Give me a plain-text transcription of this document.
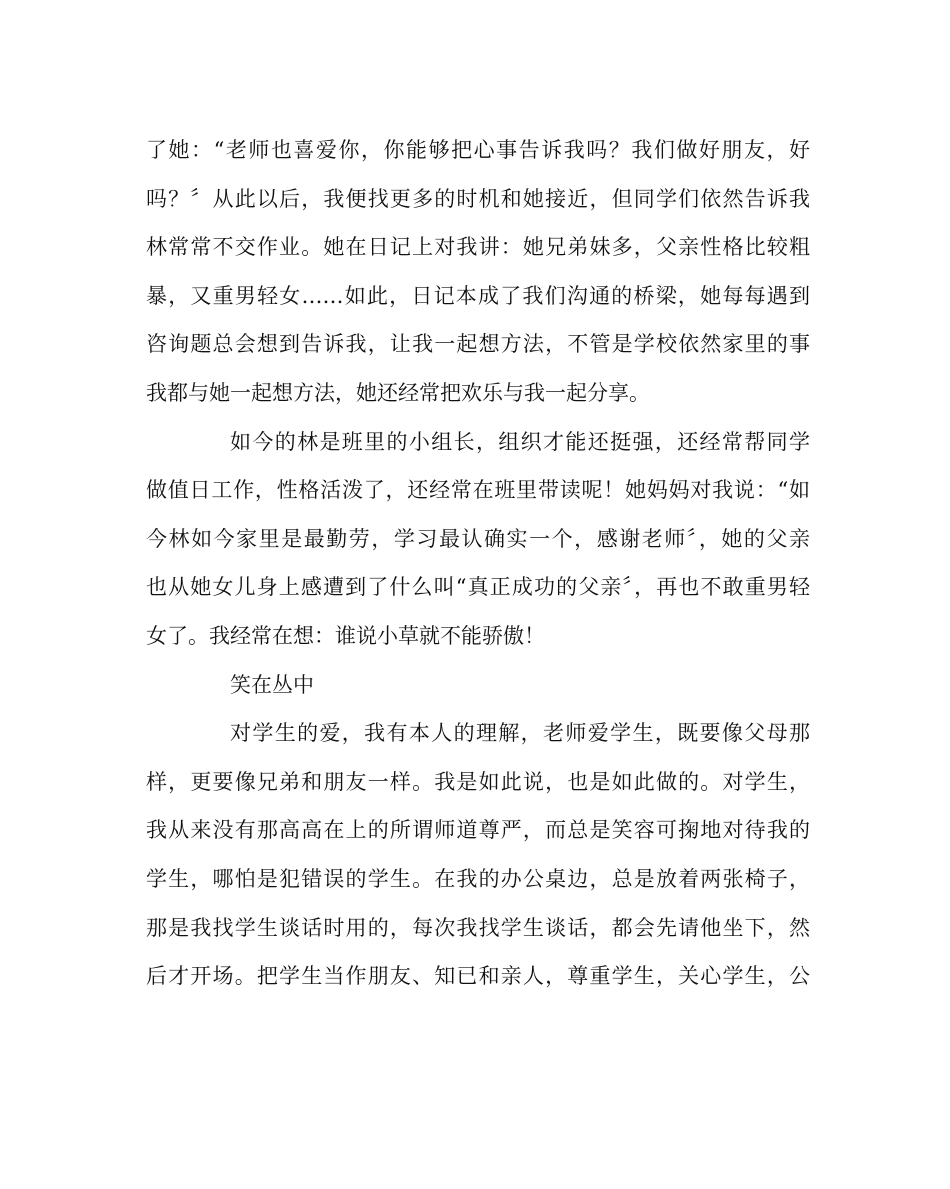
了她：“老师也喜爱你，你能够把心事告诉我吗？我们做好朋友，好
吗？〞从此以后，我便找更多的时机和她接近，但同学们依然告诉我
林常常不交作业。她在日记上对我讲：她兄弟妹多，父亲性格比较粗
暴，又重男轻女……如此，日记本成了我们沟通的桥梁，她每每遇到
咨询题总会想到告诉我，让我一起想方法，不管是学校依然家里的事
我都与她一起想方法，她还经常把欢乐与我一起分享。
如今的林是班里的小组长，组织才能还挺强，还经常帮同学
做值日工作，性格活泼了，还经常在班里带读呢！她妈妈对我说：“如
今林如今家里是最勤劳，学习最认确实一个，感谢老师〞，她的父亲
也从她女儿身上感遭到了什么叫“真正成功的父亲〞，再也不敢重男轻
女了。我经常在想：谁说小草就不能骄傲！
笑在丛中
对学生的爱，我有本人的理解，老师爱学生，既要像父母那
样，更要像兄弟和朋友一样。我是如此说，也是如此做的。对学生，
我从来没有那高高在上的所谓师道尊严，而总是笑容可掬地对待我的
学生，哪怕是犯错误的学生。在我的办公桌边，总是放着两张椅子，
那是我找学生谈话时用的，每次我找学生谈话，都会先请他坐下，然
后才开场。把学生当作朋友、知已和亲人，尊重学生，关心学生，公
